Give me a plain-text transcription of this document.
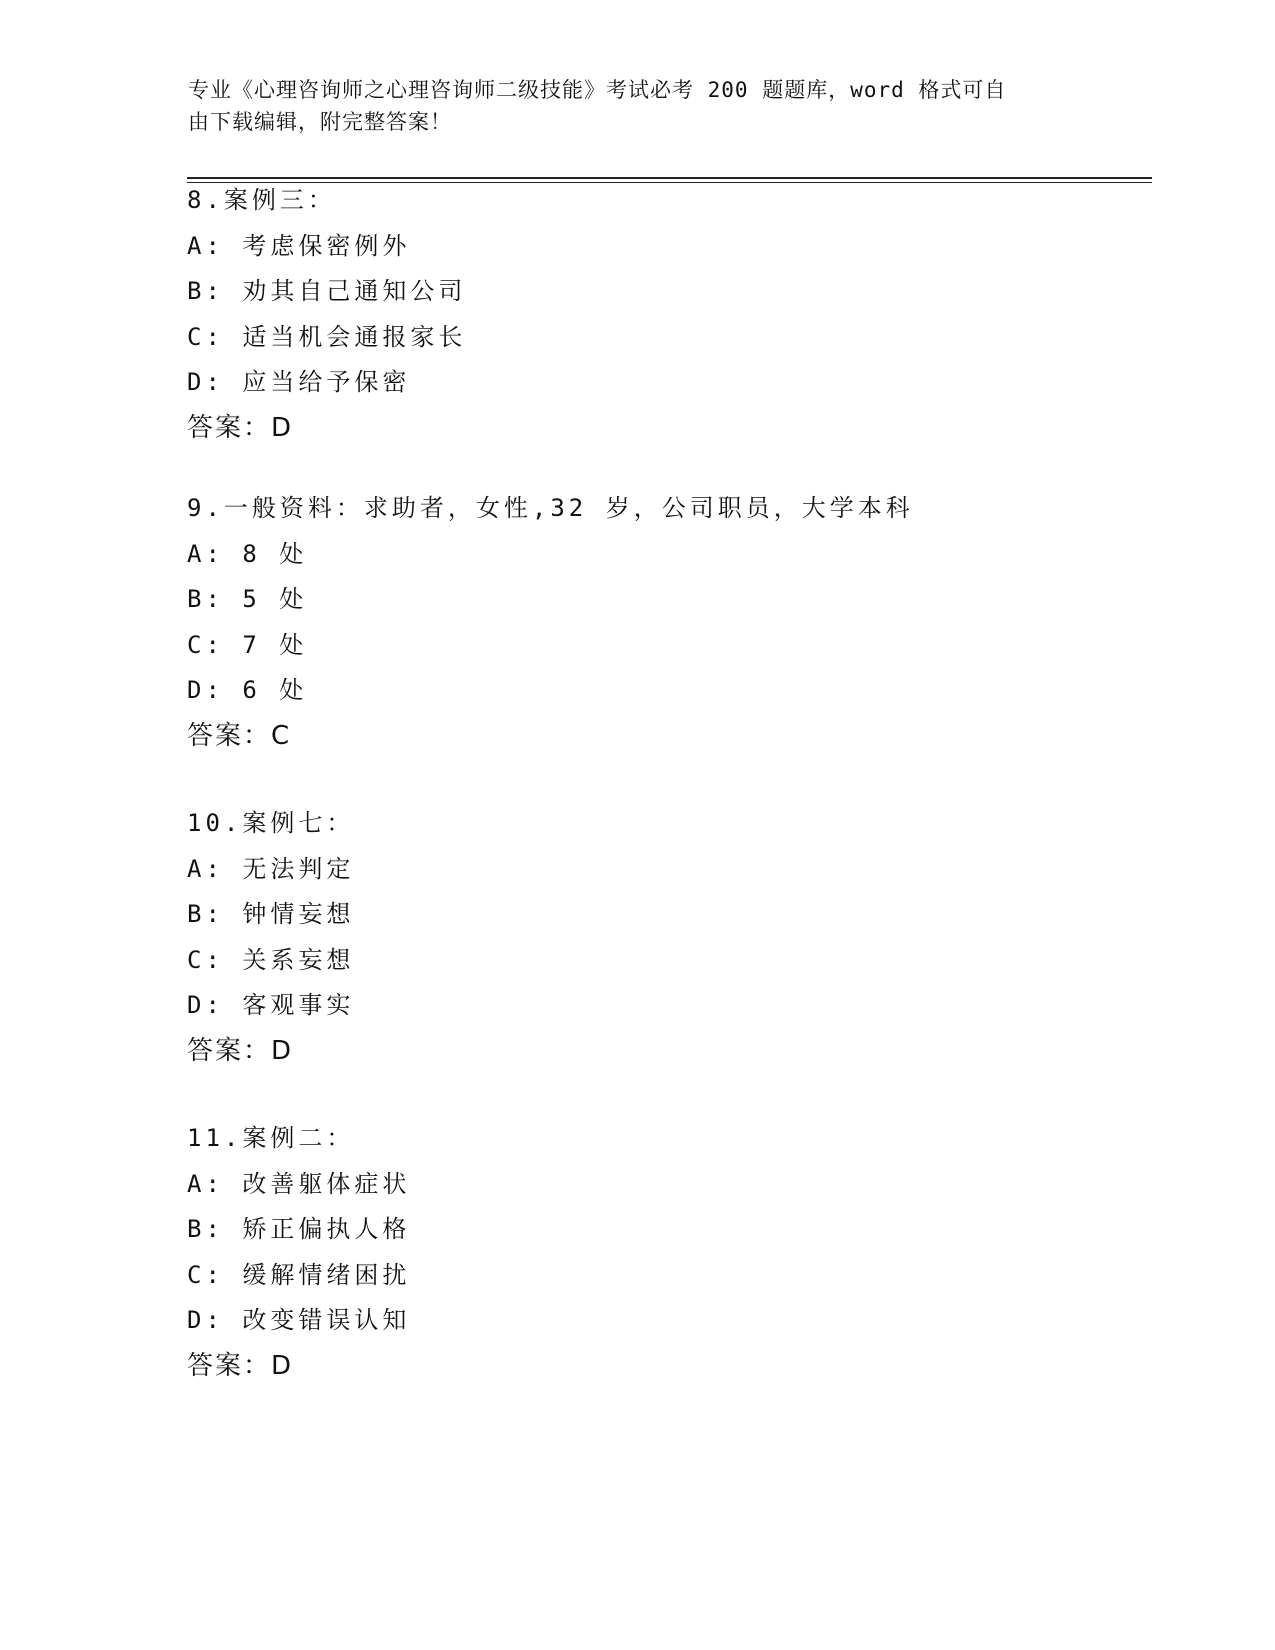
专业《心理咨询师之心理咨询师二级技能》考试必考 200 题题库，word 格式可自
由下载编辑，附完整答案！
8.案例三：
A: 考虑保密例外
B: 劝其自己通知公司
C: 适当机会通报家长
D: 应当给予保密
答案：D
9.一般资料：求助者，女性,32 岁，公司职员，大学本科
A: 8 处
B: 5 处
C: 7 处
D: 6 处
答案：C
10.案例七：
A: 无法判定
B: 钟情妄想
C: 关系妄想
D: 客观事实
答案：D
11.案例二：
A: 改善躯体症状
B: 矫正偏执人格
C: 缓解情绪困扰
D: 改变错误认知
答案：D
